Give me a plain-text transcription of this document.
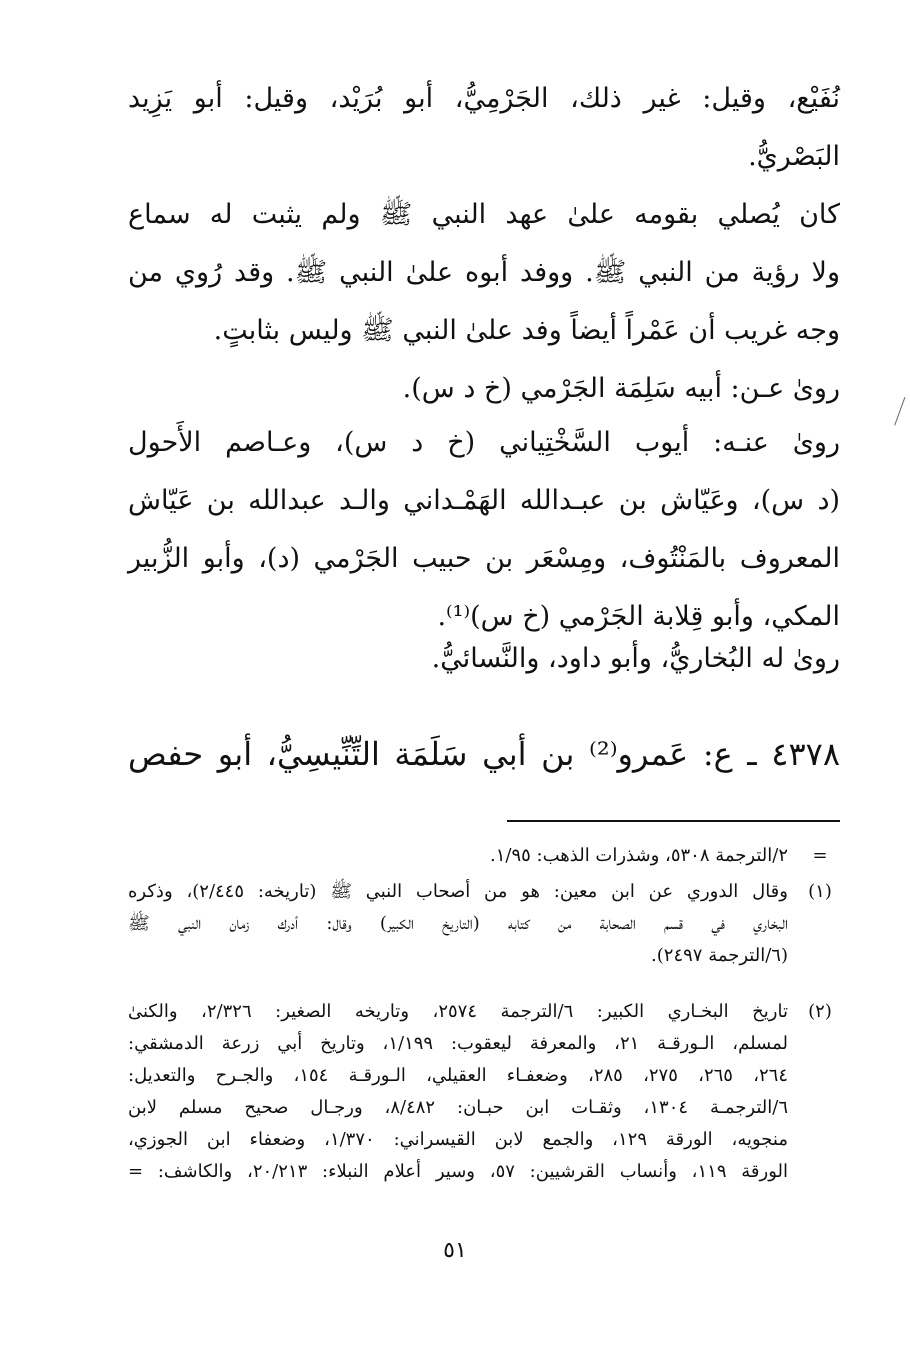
نُفَيْع، وقيل: غير ذلك، الجَرْمِيُّ، أبو بُرَيْد، وقيل: أبو يَزِيد
البَصْريُّ.
كان يُصلي بقومه علىٰ عهد النبي ﷺ ولم يثبت له سماع
ولا رؤية من النبي ﷺ. ووفد أبوه علىٰ النبي ﷺ. وقد رُوي من
وجه غريب أن عَمْراً أيضاً وفد علىٰ النبي ﷺ وليس بثابتٍ.
روىٰ عـن: أبيه سَلِمَة الجَرْمي (خ د س).
روىٰ عنـه: أيوب السَّخْتِياني (خ د س)، وعـاصم الأَحول
(د س)، وعَيّاش بن عبـدالله الهَمْـداني والـد عبدالله بن عَيّاش
المعروف بالمَنْتُوف، ومِسْعَر بن حبيب الجَرْمي (د)، وأبو الزُّبير
المكي، وأبو قِلابة الجَرْمي (خ س)⁽¹⁾.
روىٰ له البُخاريُّ، وأبو داود، والنَّسائيُّ.
٤٣٧٨ ـ ع: عَمرو⁽²⁾ بن أبي سَلَمَة التِّنِّيسِيُّ، أبو حفص
=
٢/الترجمة ٥٣٠٨، وشذرات الذهب: ١/٩٥.
(١)
وقال الدوري عن ابن معين: هو من أصحاب النبي ﷺ (تاريخه: ٢/٤٤٥)، وذكره
البخاري في قسم الصحابة من كتابه (التاريخ الكبير) وقال: أدرك زمان النبي ﷺ
(٦/الترجمة ٢٤٩٧).
(٢)
تاريخ البخـاري الكبير: ٦/الترجمة ٢٥٧٤، وتاريخه الصغير: ٢/٣٢٦، والكنىٰ
لمسلم، الـورقـة ٢١، والمعرفة ليعقوب: ١/١٩٩، وتاريخ أبي زرعة الدمشقي:
٢٦٤، ٢٦٥، ٢٧٥، ٢٨٥، وضعفـاء العقيلي، الـورقـة ١٥٤، والجـرح والتعديل:
٦/الترجمـة ١٣٠٤، وثقـات ابن حبـان: ٨/٤٨٢، ورجـال صحيح مسلم لابن
منجويه، الورقة ١٢٩، والجمع لابن القيسراني: ١/٣٧٠، وضعفاء ابن الجوزي،
الورقة ١١٩، وأنساب القرشيين: ٥٧، وسير أعلام النبلاء: ٢٠/٢١٣، والكاشف: =
٥١
